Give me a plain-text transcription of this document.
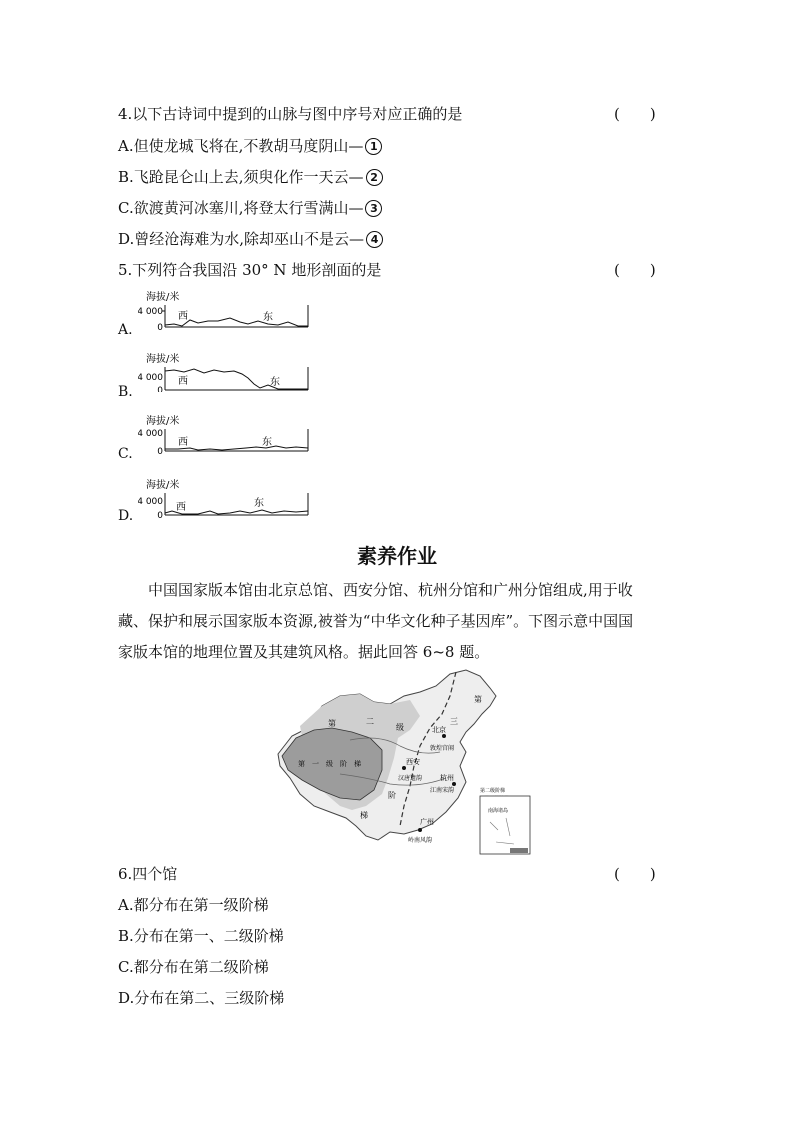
4.以下古诗词中提到的山脉与图中序号对应正确的是	(　　)
A.但使龙城飞将在,不教胡马度阴山— 1
B.飞跄昆仑山上去,须臾化作一天云— 2
C.欲渡黄河冰塞川,将登太行雪满山— 3
D.曾经沧海难为水,除却巫山不是云— 4
5.下列符合我国沿 30° N 地形剖面的是	(　　)
A.
海拔/米
4 000
0
西	东
B.
海拔/米
4 000
0
西	东
C.
海拔/米
4 000
0
西	东
D.
海拔/米
4 000
0
西	东
素养作业
　　中国国家版本馆由北京总馆、西安分馆、杭州分馆和广州分馆组成,用于收
藏、保护和展示国家版本资源,被誉为“中华文化种子基因库”。下图示意中国国
家版本馆的地理位置及其建筑风格。据此回答 6~8 题。
第　一　级　阶　梯
第	二
级
阶
梯
第
三
北京
敦煌宫闱
西安
汉唐遗韵	杭州
江南宋韵
广州
岭南风韵
第二级阶梯
南海诸岛
6.四个馆	(　　)
A.都分布在第一级阶梯
B.分布在第一、二级阶梯
C.都分布在第二级阶梯
D.分布在第二、三级阶梯
